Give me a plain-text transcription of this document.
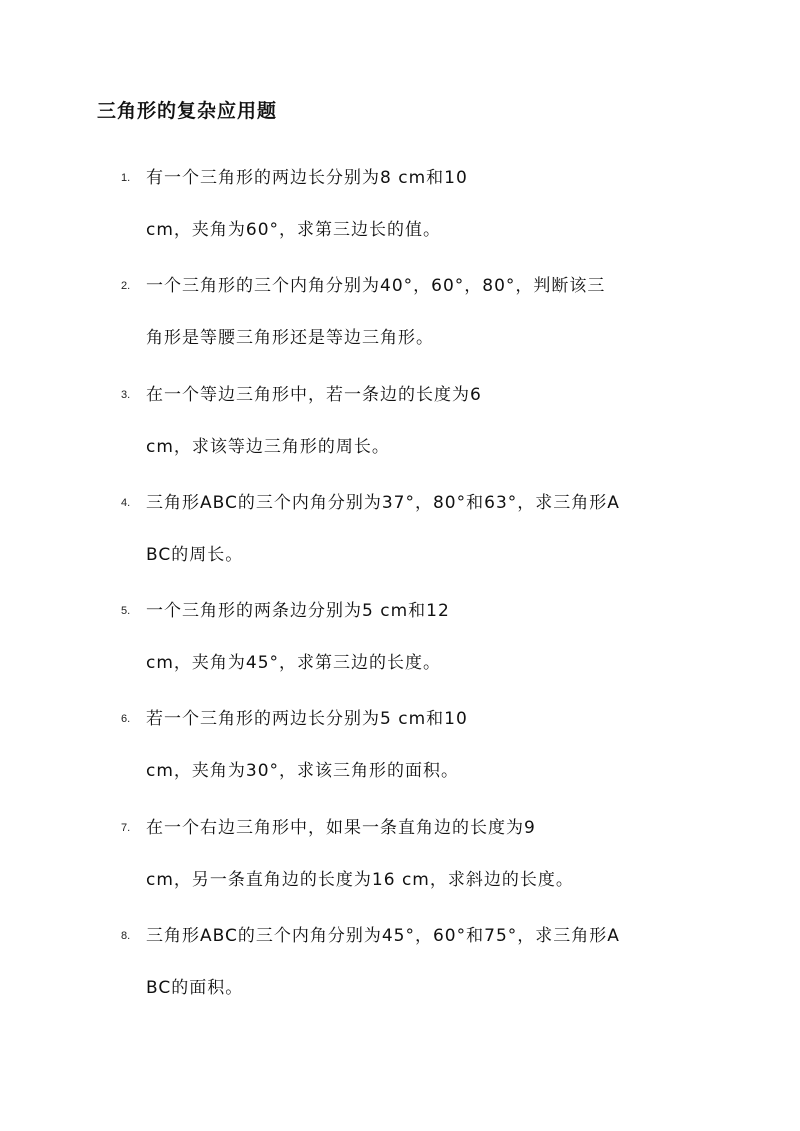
三角形的复杂应用题
1. 有一个三角形的两边长分别为8 cm和10
cm，夹角为60°，求第三边长的值。
2. 一个三角形的三个内角分别为40°，60°，80°，判断该三
角形是等腰三角形还是等边三角形。
3. 在一个等边三角形中，若一条边的长度为6
cm，求该等边三角形的周长。
4. 三角形ABC的三个内角分别为37°，80°和63°，求三角形A
BC的周长。
5. 一个三角形的两条边分别为5 cm和12
cm，夹角为45°，求第三边的长度。
6. 若一个三角形的两边长分别为5 cm和10
cm，夹角为30°，求该三角形的面积。
7. 在一个右边三角形中，如果一条直角边的长度为9
cm，另一条直角边的长度为16 cm，求斜边的长度。
8. 三角形ABC的三个内角分别为45°，60°和75°，求三角形A
BC的面积。
